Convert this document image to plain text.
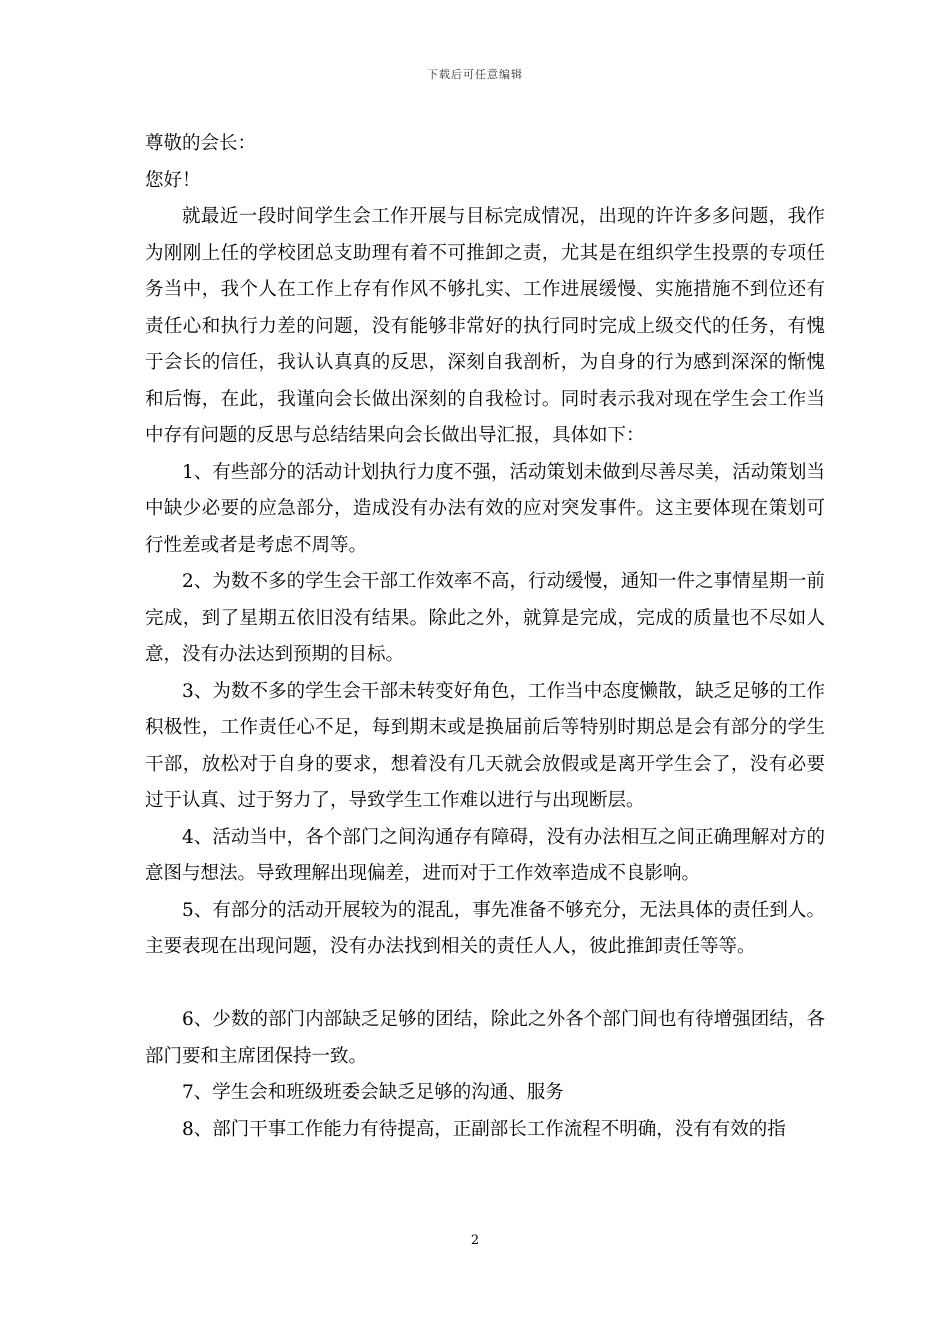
下载后可任意编辑

尊敬的会长：

您好！

就最近一段时间学生会工作开展与目标完成情况，出现的许许多多问题，我作为刚刚上任的学校团总支助理有着不可推卸之责，尤其是在组织学生投票的专项任务当中，我个人在工作上存有作风不够扎实、工作进展缓慢、实施措施不到位还有责任心和执行力差的问题，没有能够非常好的执行同时完成上级交代的任务，有愧于会长的信任，我认认真真的反思，深刻自我剖析，为自身的行为感到深深的惭愧和后悔，在此，我谨向会长做出深刻的自我检讨。同时表示我对现在学生会工作当中存有问题的反思与总结结果向会长做出导汇报，具体如下：

1、有些部分的活动计划执行力度不强，活动策划未做到尽善尽美，活动策划当中缺少必要的应急部分，造成没有办法有效的应对突发事件。这主要体现在策划可行性差或者是考虑不周等。

2、为数不多的学生会干部工作效率不高，行动缓慢，通知一件之事情星期一前完成，到了星期五依旧没有结果。除此之外，就算是完成，完成的质量也不尽如人意，没有办法达到预期的目标。

3、为数不多的学生会干部未转变好角色，工作当中态度懒散，缺乏足够的工作积极性，工作责任心不足，每到期末或是换届前后等特别时期总是会有部分的学生干部，放松对于自身的要求，想着没有几天就会放假或是离开学生会了，没有必要过于认真、过于努力了，导致学生工作难以进行与出现断层。

4、活动当中，各个部门之间沟通存有障碍，没有办法相互之间正确理解对方的意图与想法。导致理解出现偏差，进而对于工作效率造成不良影响。

5、有部分的活动开展较为的混乱，事先准备不够充分，无法具体的责任到人。主要表现在出现问题，没有办法找到相关的责任人人，彼此推卸责任等等。

6、少数的部门内部缺乏足够的团结，除此之外各个部门间也有待增强团结，各部门要和主席团保持一致。

7、学生会和班级班委会缺乏足够的沟通、服务

8、部门干事工作能力有待提高，正副部长工作流程不明确，没有有效的指

2
